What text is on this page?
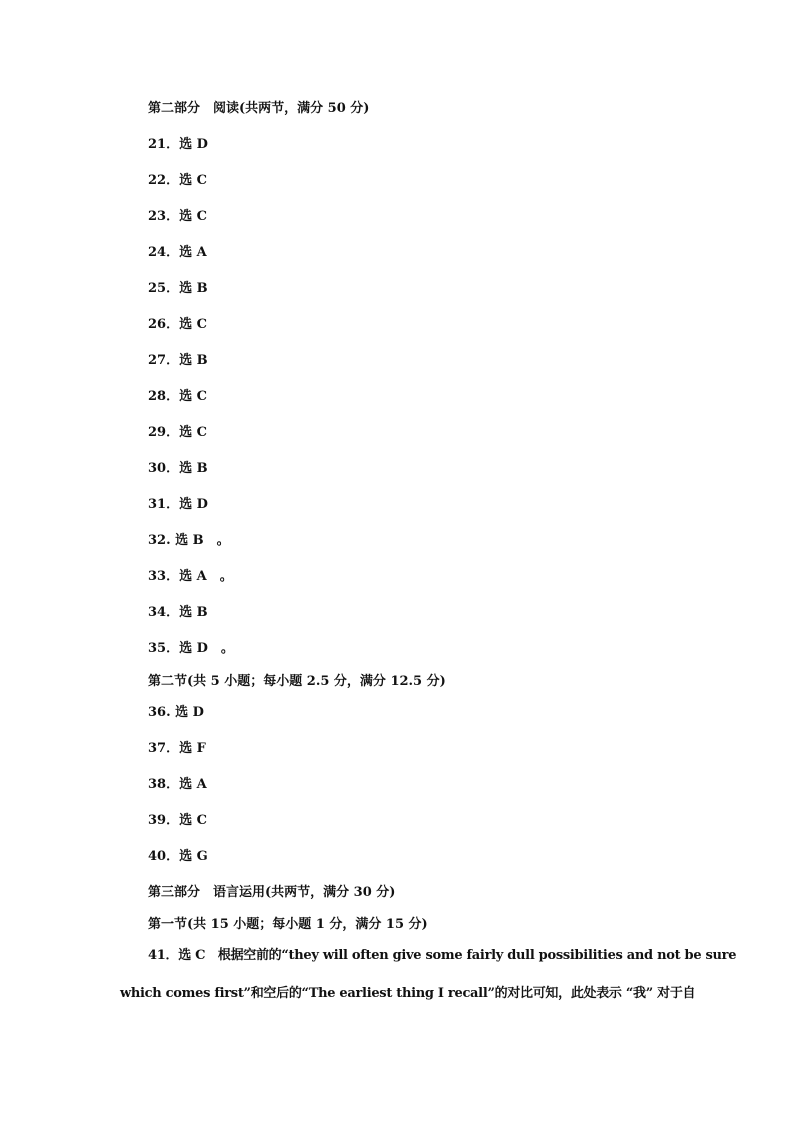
第二部分　阅读(共两节，满分 50 分)
21．选 D
22．选 C
23．选 C
24．选 A
25．选 B
26．选 C
27．选 B
28．选 C
29．选 C
30．选 B
31．选 D
32. 选 B　。
33．选 A　。
34．选 B
35．选 D　。
第二节(共 5 小题；每小题 2.5 分，满分 12.5 分)
36. 选 D
37．选 F
38．选 A
39．选 C
40．选 G
第三部分　语言运用(共两节，满分 30 分)
第一节(共 15 小题；每小题 1 分，满分 15 分)
41．选 C　根据空前的“they will often give some fairly dull possibilities and not be sure
which comes first”和空后的“The earliest thing I recall”的对比可知，此处表示 “我” 对于自
